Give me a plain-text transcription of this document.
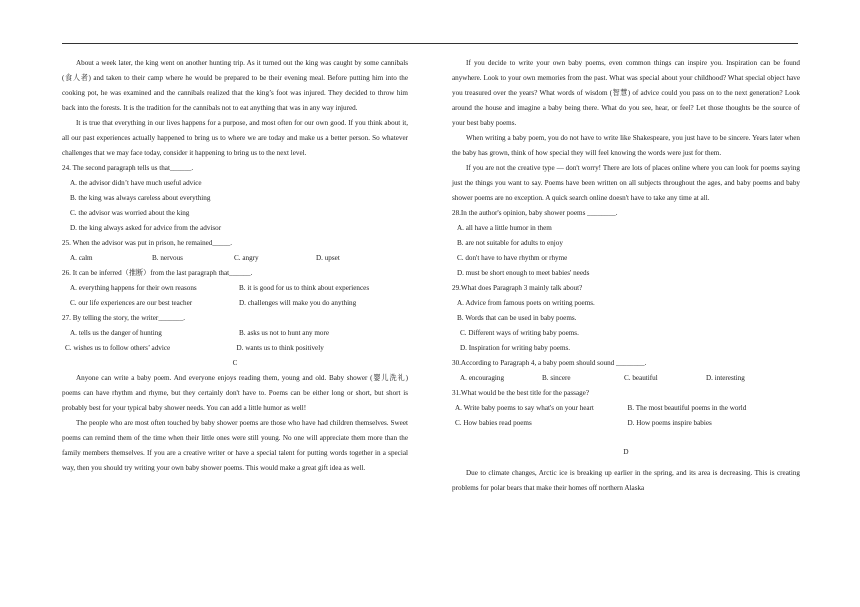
About a week later, the king went on another hunting trip. As it turned out the king was caught by some cannibals (食人者) and taken to their camp where he would be prepared to be their evening meal. Before putting him into the cooking pot, he was examined and the cannibals realized that the king’s foot was injured. They decided to throw him back into the forests. It is the tradition for the cannibals not to eat anything that was in any way injured.
It is true that everything in our lives happens for a purpose, and most often for our own good. If you think about it, all our past experiences actually happened to bring us to where we are today and make us a better person. So whatever challenges that we may face today, consider it happening to bring us to the next level.
24. The second paragraph tells us that______.
A. the advisor didn’t have much useful advice
B. the king was always careless about everything
C. the advisor was worried about the king
D. the king always asked for advice from the advisor
25. When the advisor was put in prison, he remained_____.
A. calm	B. nervous	C. angry	D. upset
26. It can be inferred（推断）from the last paragraph that______.
A. everything happens for their own reasons	B. it is good for us to think about experiences
C. our life experiences are our best teacher	D. challenges will make you do anything
27. By telling the story, the writer_______.
A. tells us the danger of hunting	B. asks us not to hunt any more
C. wishes us to follow others’ advice	D. wants us to think positively
C
Anyone can write a baby poem. And everyone enjoys reading them, young and old. Baby shower (婴儿洗礼) poems can have rhythm and rhyme, but they certainly don't have to. Poems can be either long or short, but short is probably best for your typical baby shower needs. You can add a little humor as well!
The people who are most often touched by baby shower poems are those who have had children themselves. Sweet poems can remind them of the time when their little ones were still young. No one will appreciate them more than the family members themselves. If you are a creative writer or have a special talent for putting words together in a special way, then you should try writing your own baby shower poems. This would make a great gift idea as well.
If you decide to write your own baby poems, even common things can inspire you. Inspiration can be found anywhere. Look to your own memories from the past. What was special about your childhood? What special object have you treasured over the years? What words of wisdom (智慧) of advice could you pass on to the next generation? Look around the house and imagine a baby being there. What do you see, hear, or feel? Let those thoughts be the source of your best baby poems.
When writing a baby poem, you do not have to write like Shakespeare, you just have to be sincere. Years later when the baby has grown, think of how special they will feel knowing the words were just for them.
If you are not the creative type — don't worry! There are lots of places online where you can look for poems saying just the things you want to say. Poems have been written on all subjects throughout the ages, and baby poems and baby shower poems are no exception. A quick search online doesn't have to take any time at all.
28.In the author's opinion, baby shower poems ________.
A. all have a little humor in them
B. are not suitable for adults to enjoy
C. don't have to have rhythm or rhyme
D. must be short enough to meet babies' needs
29.What does Paragraph 3 mainly talk about?
A. Advice from famous poets on writing poems.
B. Words that can be used in baby poems.
C. Different ways of writing baby poems.
D. Inspiration for writing baby poems.
30.According to Paragraph 4, a baby poem should sound ________.
A. encouraging	B. sincere	C. beautiful	D. interesting
31.What would be the best title for the passage?
A. Write baby poems to say what's on your heart	B. The most beautiful poems in the world
C. How babies read poems	D. How poems inspire babies
D
Due to climate changes, Arctic ice is breaking up earlier in the spring, and its area is decreasing. This is creating problems for polar bears that make their homes off northern Alaska
